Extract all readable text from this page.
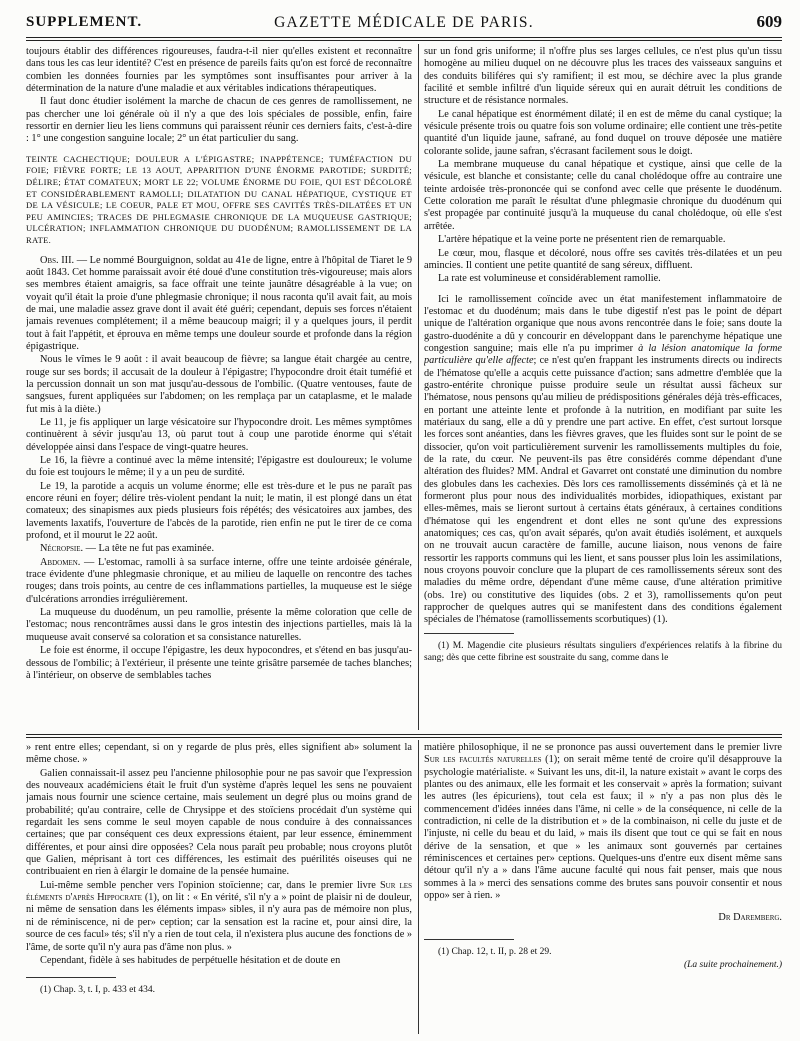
SUPPLEMENT.	GAZETTE MÉDICALE DE PARIS.	609

toujours établir des différences rigoureuses, faudra-t-il nier qu'elles existent et reconnaître dans tous les cas leur identité? C'est en présence de pareils faits qu'on est forcé de reconnaître combien les données fournies par les symptômes sont insuffisantes pour arriver à la détermination de la nature d'une maladie et aux véritables indications thérapeutiques.

Il faut donc étudier isolément la marche de chacun de ces genres de ramollissement, ne pas chercher une loi générale où il n'y a que des lois spéciales de possible, enfin, faire ressortir en dernier lieu les liens communs qui paraissent réunir ces derniers faits, c'est-à-dire : 1° une congestion sanguine locale; 2° un état particulier du sang.

TEINTE CACHECTIQUE; DOULEUR A L'ÉPIGASTRE; INAPPÉTENCE; TUMÉFACTION DU FOIE; FIÈVRE FORTE; LE 13 AOUT, APPARITION D'UNE ÉNORME PAROTIDE; SURDITÉ; DÉLIRE; ÉTAT COMATEUX; MORT LE 22; VOLUME ÉNORME DU FOIE, QUI EST DÉCOLORÉ ET CONSIDÉRABLEMENT RAMOLLI; DILATATION DU CANAL HÉPATIQUE, CYSTIQUE ET DE LA VÉSICULE; LE COEUR, PALE ET MOU, OFFRE SES CAVITÉS TRÈS-DILATÉES ET UN PEU AMINCIES; TRACES DE PHLEGMASIE CHRONIQUE DE LA MUQUEUSE GASTRIQUE; ULCÉRATION; INFLAMMATION CHRONIQUE DU DUODÉNUM; RAMOLLISSEMENT DE LA RATE.

Obs. III. — Le nommé Bourguignon, soldat au 41e de ligne, entre à l'hôpital de Tiaret le 9 août 1843. Cet homme paraissait avoir été doué d'une constitution très-vigoureuse; mais alors ses membres étaient amaigris, sa face offrait une teinte jaunâtre désagréable à la vue; on voyait qu'il était la proie d'une phlegmasie chronique; il nous raconta qu'il avait fait, au mois de mai, une maladie assez grave dont il avait été guéri; cependant, depuis ses forces n'étaient jamais revenues complétement; il a même beaucoup maigri; il y a quelques jours, il perdit tout à fait l'appétit, et éprouva en même temps une douleur sourde et profonde dans la région épigastrique.

Nous le vîmes le 9 août : il avait beaucoup de fièvre; sa langue était chargée au centre, rouge sur ses bords; il accusait de la douleur à l'épigastre; l'hypocondre droit était tuméfié et la percussion donnait un son mat jusqu'au-dessous de l'ombilic. (Quatre ventouses, faute de sangsues, furent appliquées sur l'abdomen; on les remplaça par un cataplasme, et le malade fut mis à la diète.)

Le 11, je fis appliquer un large vésicatoire sur l'hypocondre droit. Les mêmes symptômes continuèrent à sévir jusqu'au 13, où parut tout à coup une parotide énorme qui s'était développée ainsi dans l'espace de vingt-quatre heures.

Le 16, la fièvre a continué avec la même intensité; l'épigastre est douloureux; le volume du foie est toujours le même; il y a un peu de surdité.

Le 19, la parotide a acquis un volume énorme; elle est très-dure et le pus ne paraît pas encore réuni en foyer; délire très-violent pendant la nuit; le matin, il est plongé dans un état comateux; des sinapismes aux pieds plusieurs fois répétés; des vésicatoires aux jambes, des lavements laxatifs, l'ouverture de l'abcès de la parotide, rien enfin ne put le tirer de ce coma profond, et il mourut le 22 août.

Nécropsie. — La tête ne fut pas examinée.

Abdomen. — L'estomac, ramolli à sa surface interne, offre une teinte ardoisée générale, trace évidente d'une phlegmasie chronique, et au milieu de laquelle on rencontre des taches rouges; dans trois points, au centre de ces inflammations partielles, la muqueuse est le siége d'ulcérations arrondies irrégulièrement.

La muqueuse du duodénum, un peu ramollie, présente la même coloration que celle de l'estomac; nous rencontrâmes aussi dans le gros intestin des injections partielles, mais là la muqueuse avait conservé sa coloration et sa consistance naturelles.

Le foie est énorme, il occupe l'épigastre, les deux hypocondres, et s'étend en bas jusqu'au-dessous de l'ombilic; à l'extérieur, il présente une teinte grisâtre parsemée de taches blanches; à l'intérieur, on observe de semblables taches

sur un fond gris uniforme; il n'offre plus ses larges cellules, ce n'est plus qu'un tissu homogène au milieu duquel on ne découvre plus les traces des vaisseaux sanguins et des conduits biliféres qui s'y ramifient; il est mou, se déchire avec la plus grande facilité et semble infiltré d'un liquide séreux qui en aurait détruit les conditions de structure et de résistance normales.

Le canal hépatique est énormément dilaté; il en est de même du canal cystique; la vésicule présente trois ou quatre fois son volume ordinaire; elle contient une très-petite quantité d'un liquide jaune, safrané, au fond duquel on trouve déposée une matière colorante solide, jaune safran, s'écrasant facilement sous le doigt.

La membrane muqueuse du canal hépatique et cystique, ainsi que celle de la vésicule, est blanche et consistante; celle du canal cholédoque offre au contraire une teinte ardoisée très-prononcée qui se confond avec celle que présente le duodénum. Cette coloration me paraît le résultat d'une phlegmasie chronique du duodénum qui s'est propagée par continuité jusqu'à la muqueuse du canal cholédoque, où elle s'est arrêtée.

L'artère hépatique et la veine porte ne présentent rien de remarquable.

Le cœur, mou, flasque et décoloré, nous offre ses cavités très-dilatées et un peu amincies. Il contient une petite quantité de sang séreux, diffluent.

La rate est volumineuse et considérablement ramollie.

Ici le ramollissement coïncide avec un état manifestement inflammatoire de l'estomac et du duodénum; mais dans le tube digestif n'est pas le point de départ unique de l'altération organique que nous avons rencontrée dans le foie; sans doute la gastro-duodénite a dû y concourir en développant dans le parenchyme hépatique une congestion sanguine; mais elle n'a pu imprimer à la lésion anatomique la forme particulière qu'elle affecte; ce n'est qu'en frappant les instruments directs ou indirects de l'hématose qu'elle a acquis cette puissance d'action; sans admettre d'emblée que la gastro-entérite chronique puisse produire seule un résultat aussi fâcheux sur l'hématose, nous pensons qu'au milieu de prédispositions générales déjà très-efficaces, en portant une atteinte lente et profonde à la nutrition, en modifiant par suite les matériaux du sang, elle a dû y prendre une part active. En effet, c'est surtout lorsque les forces sont anéanties, dans les fièvres graves, que les fluides sont sur le point de se dissocier, qu'on voit particulièrement survenir les ramollissements multiples du foie, de la rate, du cœur. Ne peuvent-ils pas être considérés comme dépendant d'une altération des fluides? MM. Andral et Gavarret ont constaté une diminution du nombre des globules dans les cachexies. Dès lors ces ramollissements disséminés çà et là ne formeront plus pour nous des individualités morbides, idiopathiques, existant par elles-mêmes, mais se lieront surtout à certains états généraux, à certaines conditions d'hématose qui les engendrent et dont elles ne sont qu'une des expressions anatomiques; ces cas, qu'on avait séparés, qu'on avait étudiés isolément, et auxquels on ne trouvait aucun caractère de famille, aucune liaison, nous venons de faire ressortir les rapports communs qui les lient, et sans pousser plus loin les assimilations, nous croyons pouvoir conclure que la plupart de ces ramollissements séreux sont des maladies du même ordre, dépendant d'une même cause, d'une altération primitive (obs. 1re) ou constitutive des liquides (obs. 2 et 3), ramollissements qu'on peut rapprocher de quelques autres qui se manifestent dans des conditions également spéciales de l'hématose (ramollissements scorbutiques) (1).

(1) M. Magendie cite plusieurs résultats singuliers d'expériences relatifs à la fibrine du sang; dès que cette fibrine est soustraite du sang, comme dans le

» rent entre elles; cependant, si on y regarde de plus près, elles signifient ab» solument la même chose. »

Galien connaissait-il assez peu l'ancienne philosophie pour ne pas savoir que l'expression des nouveaux académiciens était le fruit d'un système d'après lequel les sens ne pouvaient jamais nous fournir une science certaine, mais seulement un degré plus ou moins grand de probabilité; qu'au contraire, celle de Chrysippe et des stoïciens procédait d'un système qui regardait les sens comme le seul moyen capable de nous conduire à des connaissances certaines; que par conséquent ces deux expressions étaient, par leur essence, éminemment différentes, et pour ainsi dire opposées? Cela nous paraît peu probable; nous croyons plutôt que Galien, méprisant à tort ces différences, les estimait des puérilités oiseuses qui ne contribuaient en rien à élargir le domaine de la pensée humaine.

Lui-même semble pencher vers l'opinion stoïcienne; car, dans le premier livre Sur les éléments d'après Hippocrate (1), on lit : « En vérité, s'il n'y a » point de plaisir ni de douleur, ni même de sensation dans les éléments impas» sibles, il n'y aura pas de mémoire non plus, ni de réminiscence, ni de per» ception; car la sensation est la racine et, pour ainsi dire, la source de ces facul» tés; s'il n'y a rien de tout cela, il n'existera plus aucune des fonctions de » l'âme, de sorte qu'il n'y aura pas d'âme non plus. »

Cependant, fidèle à ses habitudes de perpétuelle hésitation et de doute en

(1) Chap. 3, t. I, p. 433 et 434.

matière philosophique, il ne se prononce pas aussi ouvertement dans le premier livre Sur les facultés naturelles (1); on serait même tenté de croire qu'il désapprouve la psychologie matérialiste. « Suivant les uns, dit-il, la nature existait » avant le corps des plantes ou des animaux, elle les formait et les conservait » après la formation; suivant les autres (les épicuriens), tout cela est faux; il » n'y a pas non plus dès le commencement d'idées innées dans l'âme, ni celle » de la conséquence, ni celle de la contradiction, ni celle de la distribution et » de la combinaison, ni celle du juste et de l'injuste, ni celle du beau et du laid, » mais ils disent que tout ce qui se fait en nous dérive de la sensation, et que » les animaux sont gouvernés par certaines réminiscences et certaines per» ceptions. Quelques-uns d'entre eux disent même sans détour qu'il n'y a » dans l'âme aucune faculté qui nous fait penser, mais que nous sommes à la » merci des sensations comme des brutes sans pouvoir consentir et nous oppo» ser à rien. »

Dr Daremberg.

(1) Chap. 12, t. II, p. 28 et 29.

(La suite prochainement.)
